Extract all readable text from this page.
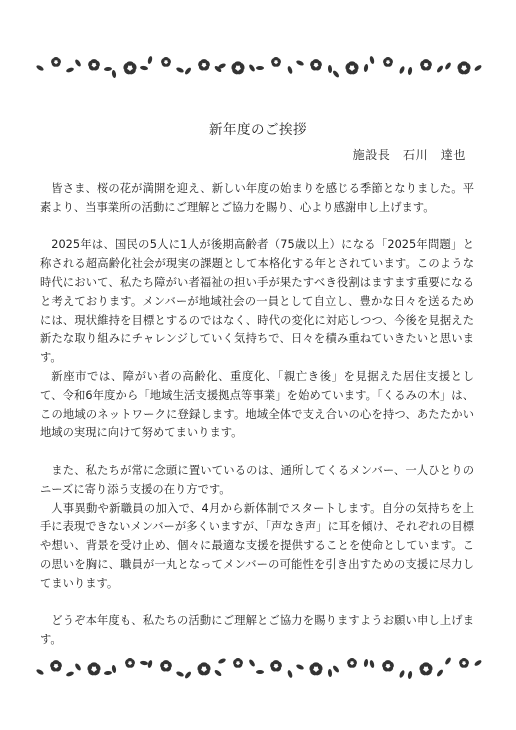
新年度のご挨拶
施設長　石川　達也

皆さま、桜の花が満開を迎え、新しい年度の始まりを感じる季節となりました。平素より、当事業所の活動にご理解とご協力を賜り、心より感謝申し上げます。

2025年は、国民の5人に1人が後期高齢者（75歳以上）になる「2025年問題」と称される超高齢化社会が現実の課題として本格化する年とされています。このような時代において、私たち障がい者福祉の担い手が果たすべき役割はますます重要になると考えております。メンバーが地域社会の一員として自立し、豊かな日々を送るためには、現状維持を目標とするのではなく、時代の変化に対応しつつ、今後を見据えた新たな取り組みにチャレンジしていく気持ちで、日々を積み重ねていきたいと思います。

新座市では、障がい者の高齢化、重度化、「親亡き後」を見据えた居住支援として、令和6年度から「地域生活支援拠点等事業」を始めています。「くるみの木」は、この地域のネットワークに登録します。地域全体で支え合いの心を持つ、あたたかい地域の実現に向けて努めてまいります。

また、私たちが常に念頭に置いているのは、通所してくるメンバー、一人ひとりのニーズに寄り添う支援の在り方です。

人事異動や新職員の加入で、4月から新体制でスタートします。自分の気持ちを上手に表現できないメンバーが多くいますが、「声なき声」に耳を傾け、それぞれの目標や想い、背景を受け止め、個々に最適な支援を提供することを使命としています。この思いを胸に、職員が一丸となってメンバーの可能性を引き出すための支援に尽力してまいります。

どうぞ本年度も、私たちの活動にご理解とご協力を賜りますようお願い申し上げます。
